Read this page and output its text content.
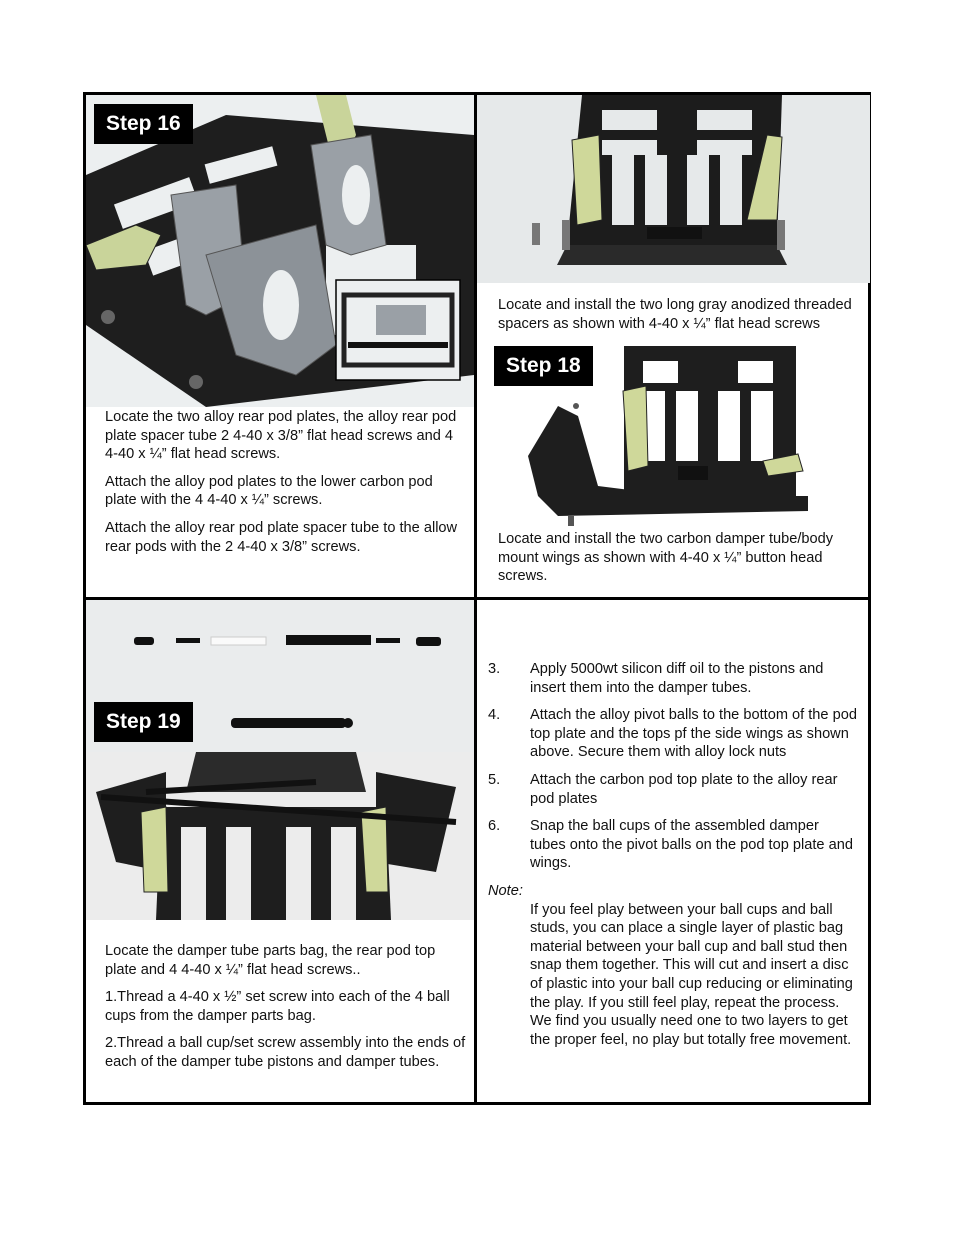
Step 16

Locate the two alloy rear pod plates, the alloy rear pod plate spacer tube 2 4-40 x 3/8” flat head screws and 4 4-40 x ¼” flat head screws.

Attach the alloy pod plates to the lower carbon pod plate with the 4 4-40 x ¼” screws.

Attach the alloy rear pod plate spacer tube to the allow rear pods with the 2 4-40 x 3/8” screws.

Locate and install the two long gray anodized threaded spacers as shown with 4-40 x ¼” flat head screws
Step 18
Locate and install the two carbon damper tube/body mount wings as shown with 4-40 x ¼” button head screws.
Step 19

Locate the damper tube parts bag, the rear pod top plate and 4 4-40 x ¼” flat head screws..

1.Thread a 4-40 x ½” set screw into each of the 4 ball cups from the damper parts bag.

2.Thread a ball cup/set screw assembly into the ends of each of the damper tube pistons and damper tubes.

3.	Apply 5000wt silicon diff oil to the pistons and insert them into the damper tubes.
4.	Attach the alloy pivot balls to the bottom of the pod top plate and the tops pf the side wings as shown above. Secure them with alloy lock nuts
5.	Attach the carbon pod top plate to the alloy rear pod plates
6.	Snap the ball cups of the assembled damper tubes onto the pivot balls on the pod top plate and wings.
Note:
If you feel play between your ball cups and ball studs, you can place a single layer of plastic bag material between your ball cup and ball stud then snap them together. This will cut and insert a disc of plastic into your ball cup reducing or eliminating the play. If you still feel play, repeat the process. We find you usually need one to two layers to get the proper feel, no play but totally free movement.
